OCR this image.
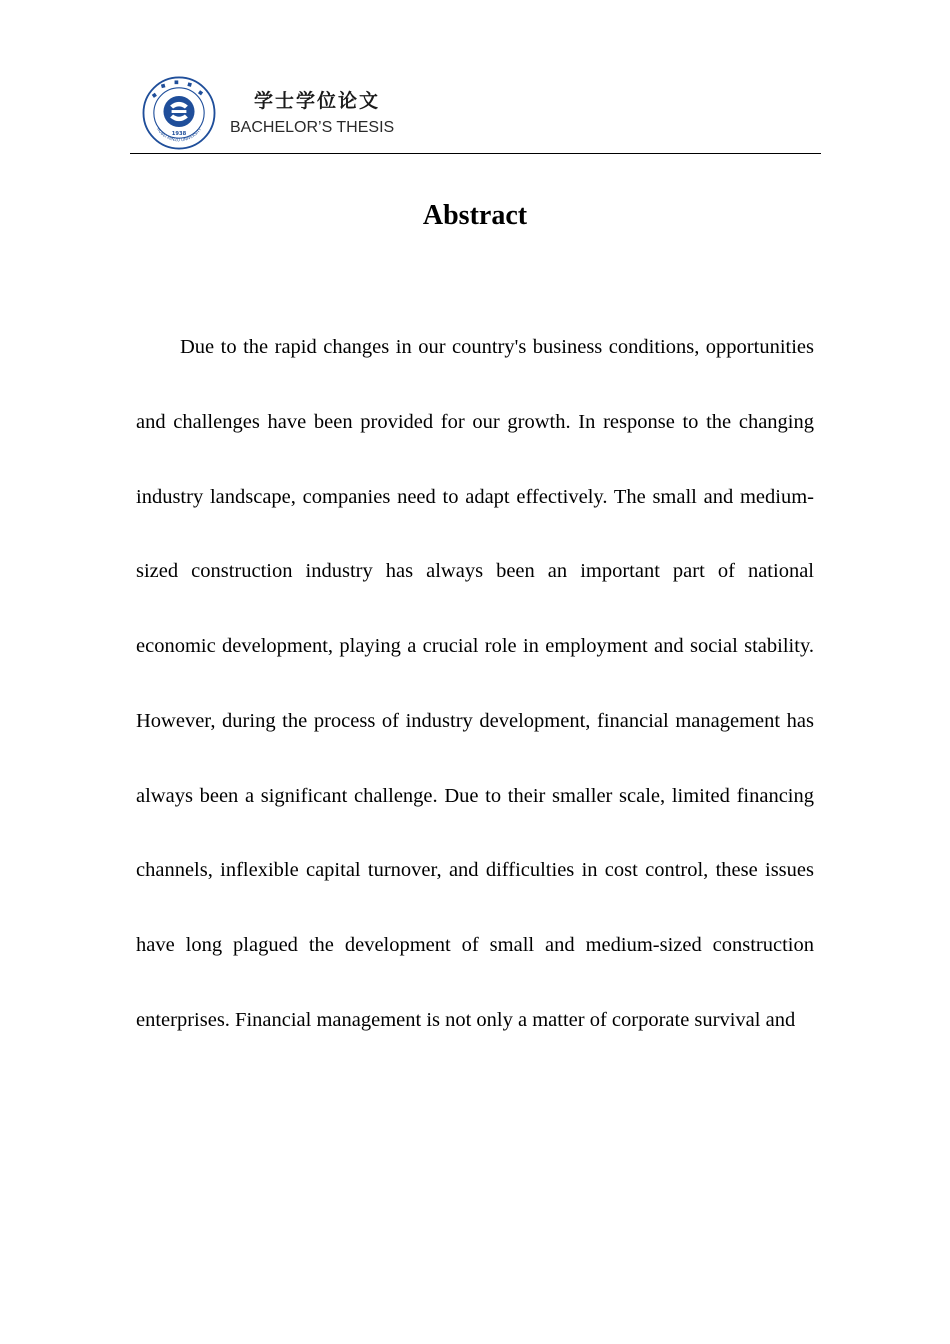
1938
HUBEI MINZU UNIVERSITY
学士学位论文
BACHELOR’S THESIS
Abstract

Due to the rapid changes in our country's business conditions, opportunities and challenges have been provided for our growth. In response to the changing industry landscape, companies need to adapt effectively. The small and medium-sized construction industry has always been an important part of national economic development, playing a crucial role in employment and social stability. However, during the process of industry development, financial management has always been a significant challenge. Due to their smaller scale, limited financing channels, inflexible capital turnover, and difficulties in cost control, these issues have long plagued the development of small and medium-sized construction enterprises. Financial management is not only a matter of corporate survival and
